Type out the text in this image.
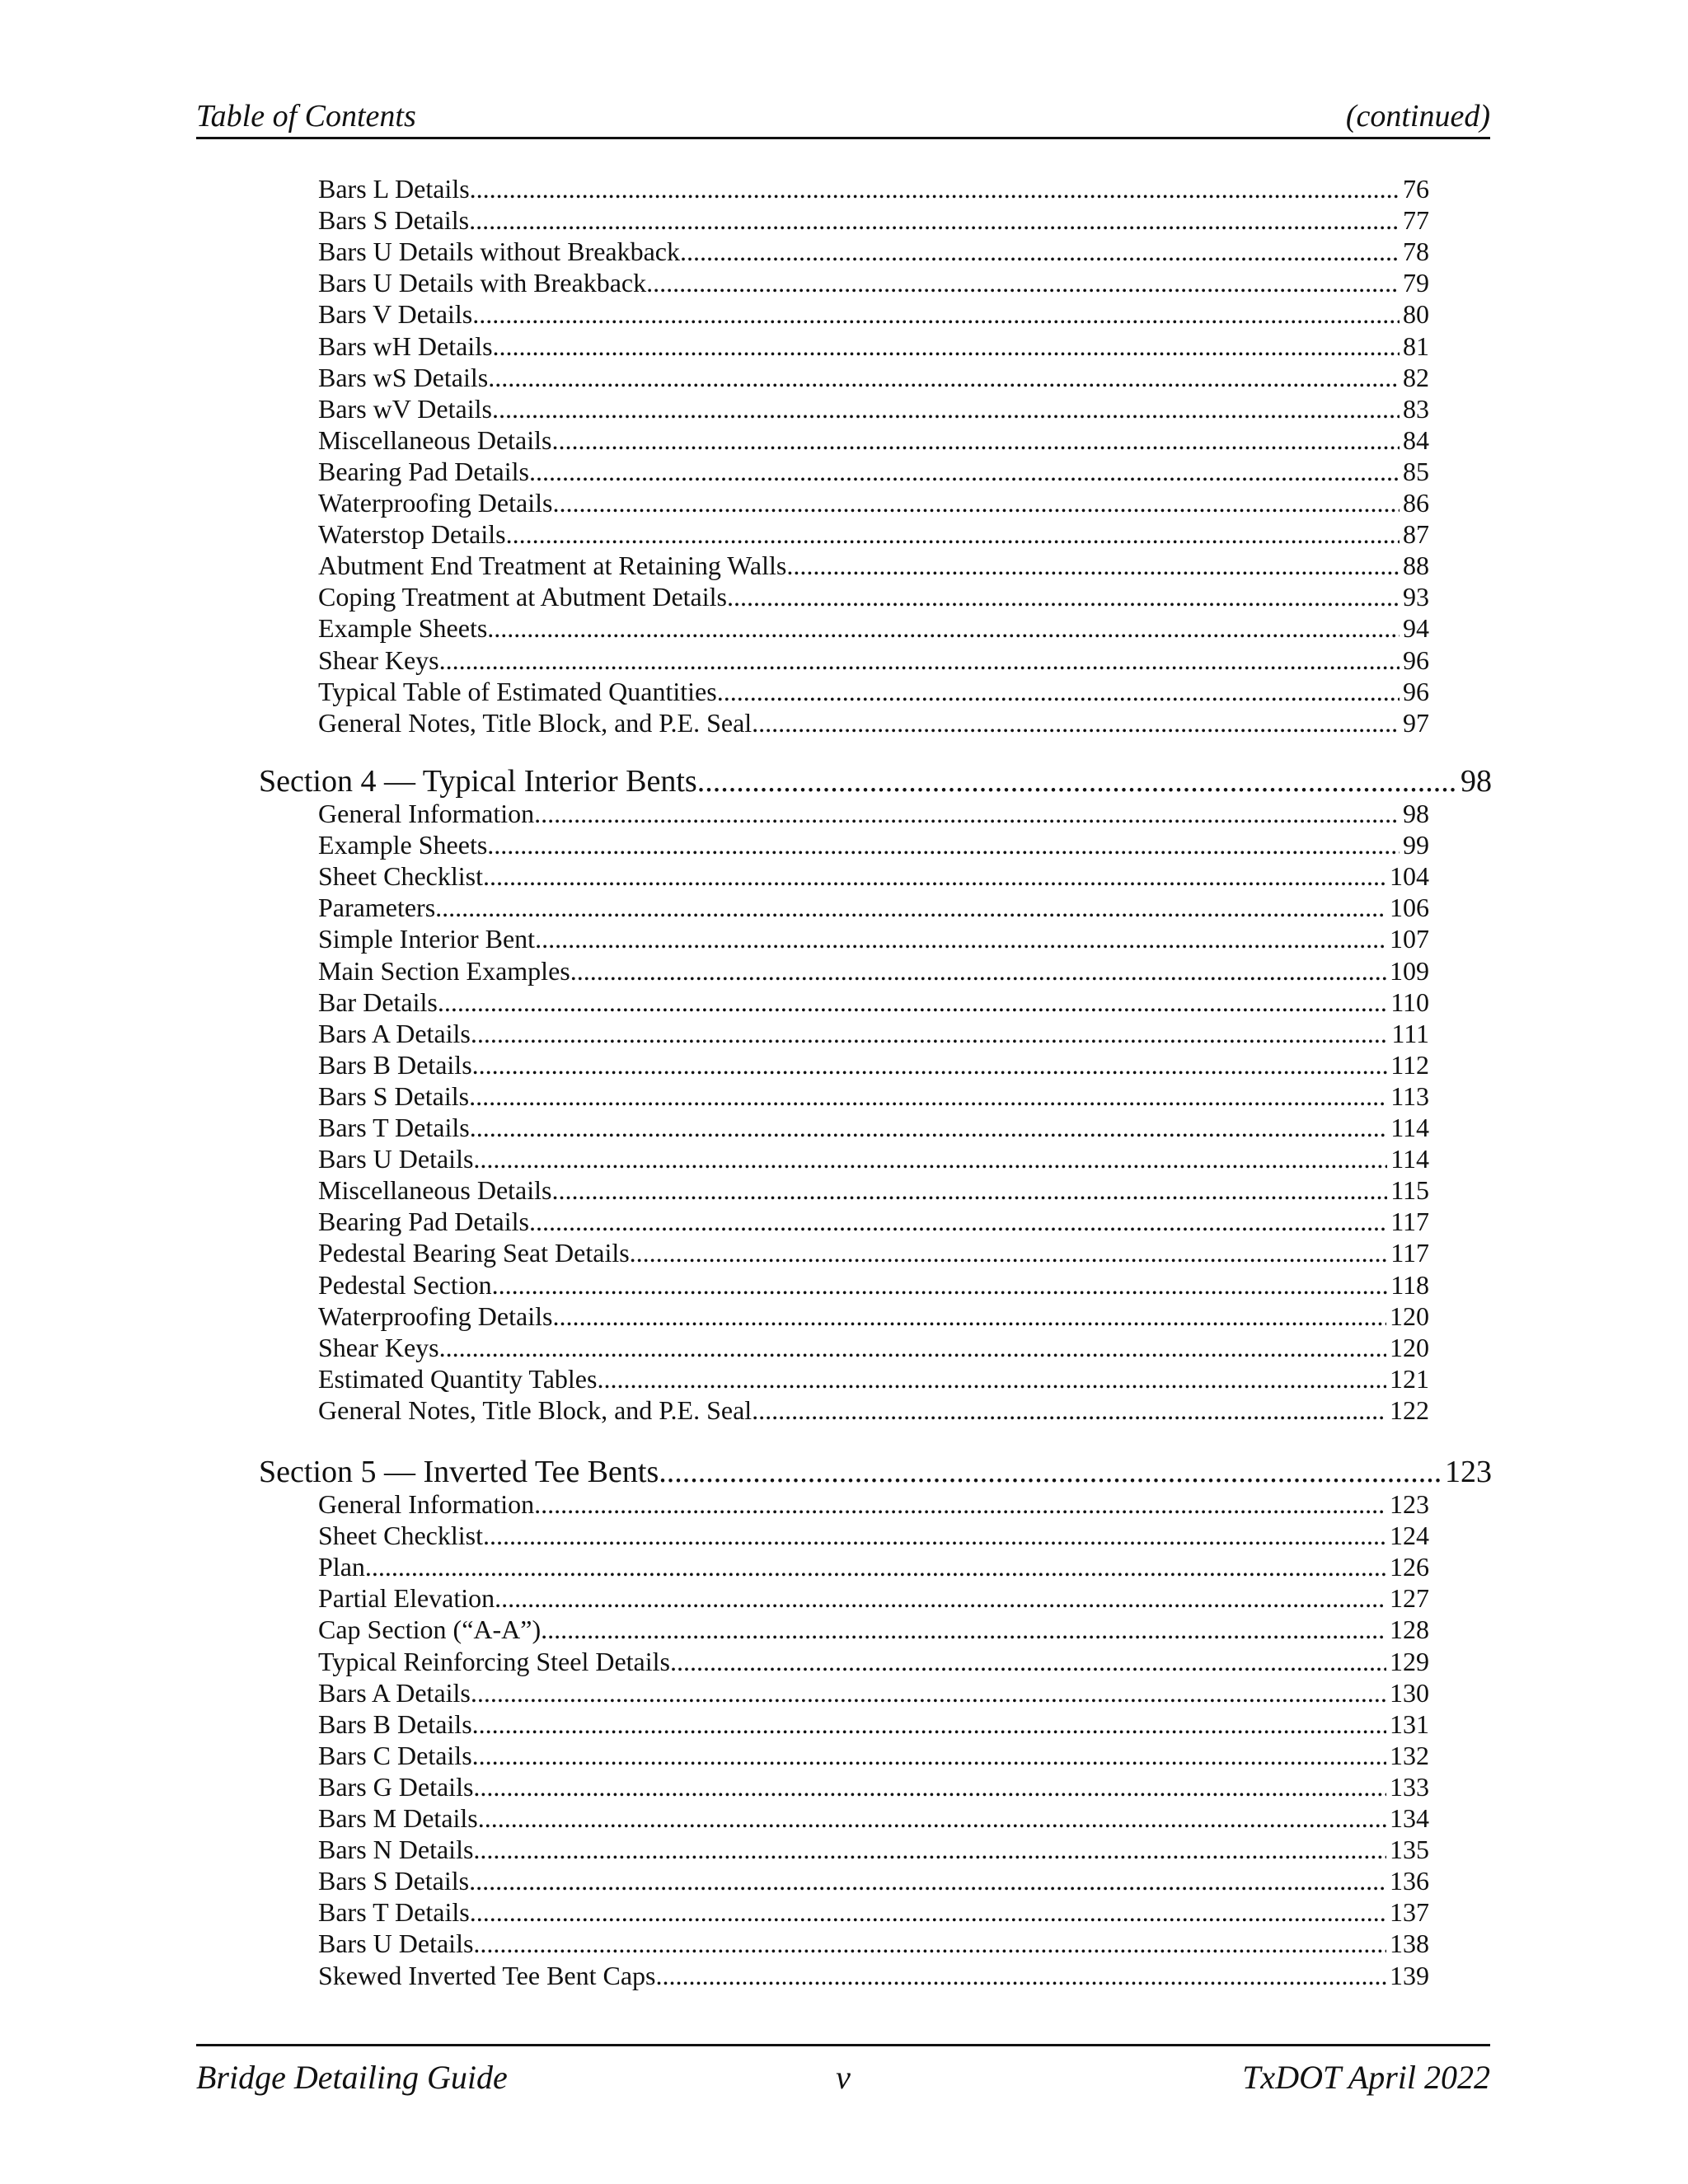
Table of Contents	(continued)
Bars L Details .....	76
Bars S Details .....	77
Bars U Details without Breakback .....	78
Bars U Details with Breakback .....	79
Bars V Details .....	80
Bars wH Details .....	81
Bars wS Details .....	82
Bars wV Details .....	83
Miscellaneous Details .....	84
Bearing Pad Details .....	85
Waterproofing Details .....	86
Waterstop Details .....	87
Abutment End Treatment at Retaining Walls .....	88
Coping Treatment at Abutment Details .....	93
Example Sheets .....	94
Shear Keys .....	96
Typical Table of Estimated Quantities .....	96
General Notes, Title Block, and P.E. Seal .....	97
Section 4 — Typical Interior Bents .....	98
General Information .....	98
Example Sheets .....	99
Sheet Checklist .....	104
Parameters .....	106
Simple Interior Bent .....	107
Main Section Examples .....	109
Bar Details .....	110
Bars A Details .....	111
Bars B Details .....	112
Bars S Details .....	113
Bars T Details .....	114
Bars U Details .....	114
Miscellaneous Details .....	115
Bearing Pad Details .....	117
Pedestal Bearing Seat Details .....	117
Pedestal Section .....	118
Waterproofing Details .....	120
Shear Keys .....	120
Estimated Quantity Tables .....	121
General Notes, Title Block, and P.E. Seal .....	122
Section 5 — Inverted Tee Bents .....	123
General Information .....	123
Sheet Checklist .....	124
Plan .....	126
Partial Elevation .....	127
Cap Section (“A-A”) .....	128
Typical Reinforcing Steel Details .....	129
Bars A Details .....	130
Bars B Details .....	131
Bars C Details .....	132
Bars G Details .....	133
Bars M Details .....	134
Bars N Details .....	135
Bars S Details .....	136
Bars T Details .....	137
Bars U Details .....	138
Skewed Inverted Tee Bent Caps .....	139
Bridge Detailing Guide	v	TxDOT April 2022
